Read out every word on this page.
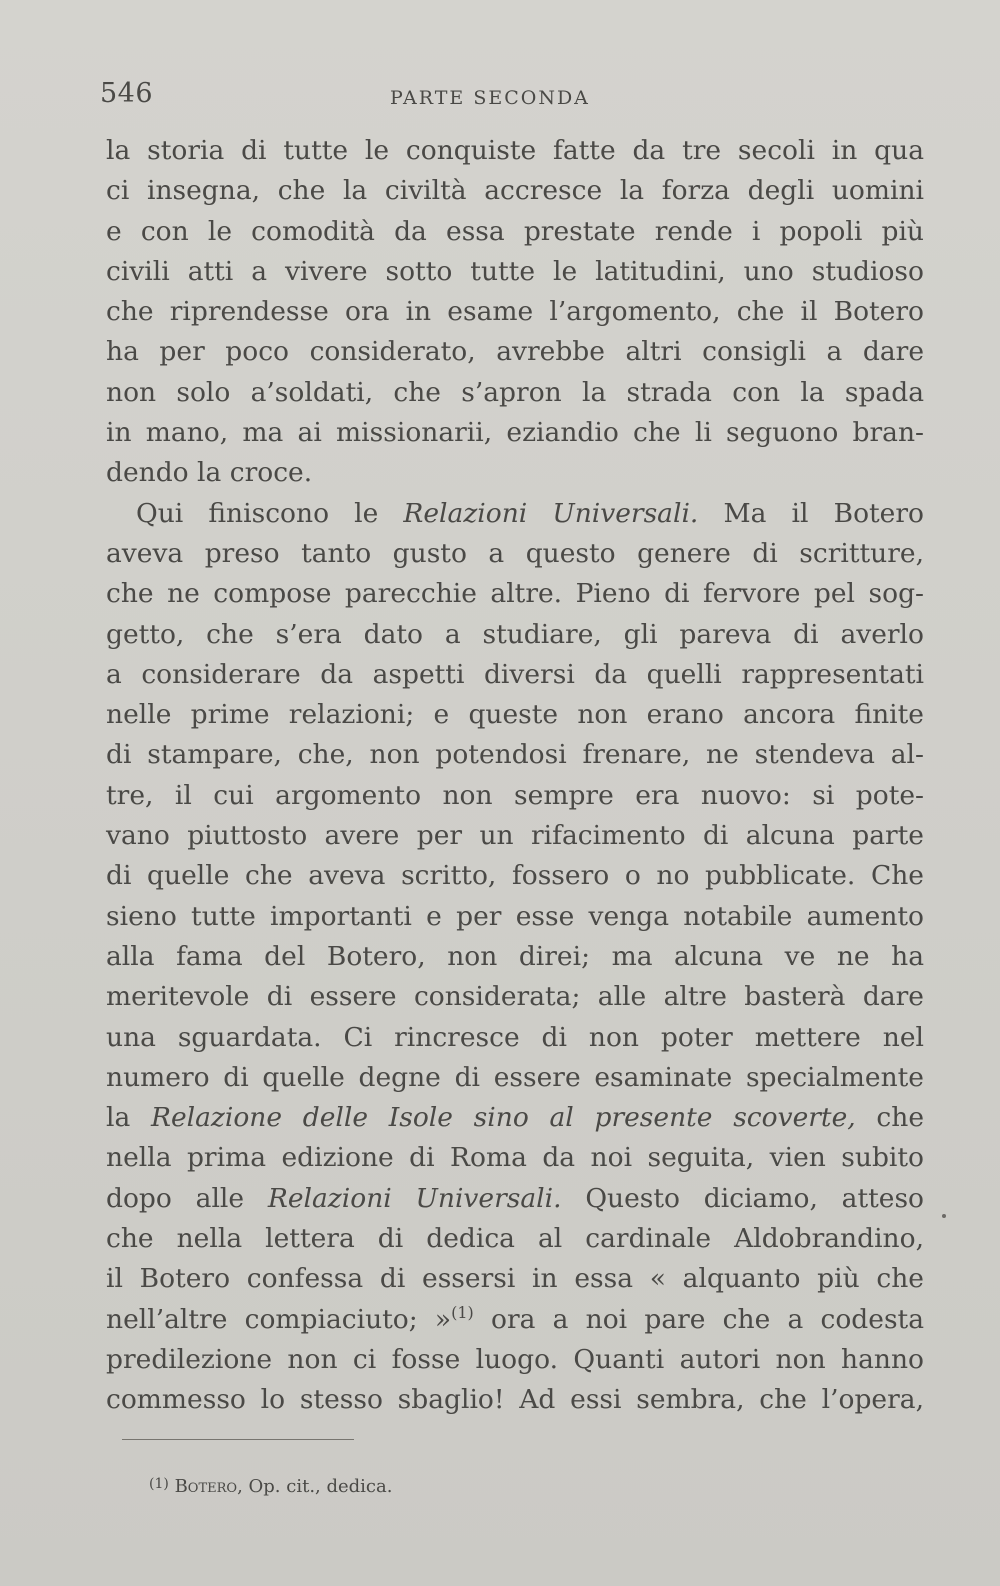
546	PARTE SECONDA
la storia di tutte le conquiste fatte da tre secoli in qua
ci insegna, che la civiltà accresce la forza degli uomini
e con le comodità da essa prestate rende i popoli più
civili atti a vivere sotto tutte le latitudini, uno studioso
che riprendesse ora in esame l’argomento, che il Botero
ha per poco considerato, avrebbe altri consigli a dare
non solo a’soldati, che s’apron la strada con la spada
in mano, ma ai missionarii, eziandio che li seguono bran-
dendo la croce.
Qui finiscono le Relazioni Universali. Ma il Botero
aveva preso tanto gusto a questo genere di scritture,
che ne compose parecchie altre. Pieno di fervore pel sog-
getto, che s’era dato a studiare, gli pareva di averlo
a considerare da aspetti diversi da quelli rappresentati
nelle prime relazioni; e queste non erano ancora finite
di stampare, che, non potendosi frenare, ne stendeva al-
tre, il cui argomento non sempre era nuovo: si pote-
vano piuttosto avere per un rifacimento di alcuna parte
di quelle che aveva scritto, fossero o no pubblicate. Che
sieno tutte importanti e per esse venga notabile aumento
alla fama del Botero, non direi; ma alcuna ve ne ha
meritevole di essere considerata; alle altre basterà dare
una sguardata. Ci rincresce di non poter mettere nel
numero di quelle degne di essere esaminate specialmente
la Relazione delle Isole sino al presente scoverte, che
nella prima edizione di Roma da noi seguita, vien subito
dopo alle Relazioni Universali. Questo diciamo, atteso
che nella lettera di dedica al cardinale Aldobrandino,
il Botero confessa di essersi in essa « alquanto più che
nell’altre compiaciuto; »$^{(1)}$ ora a noi pare che a codesta
predilezione non ci fosse luogo. Quanti autori non hanno
commesso lo stesso sbaglio! Ad essi sembra, che l’opera,
$^{(1)}$ Botero, Op. cit., dedica.
